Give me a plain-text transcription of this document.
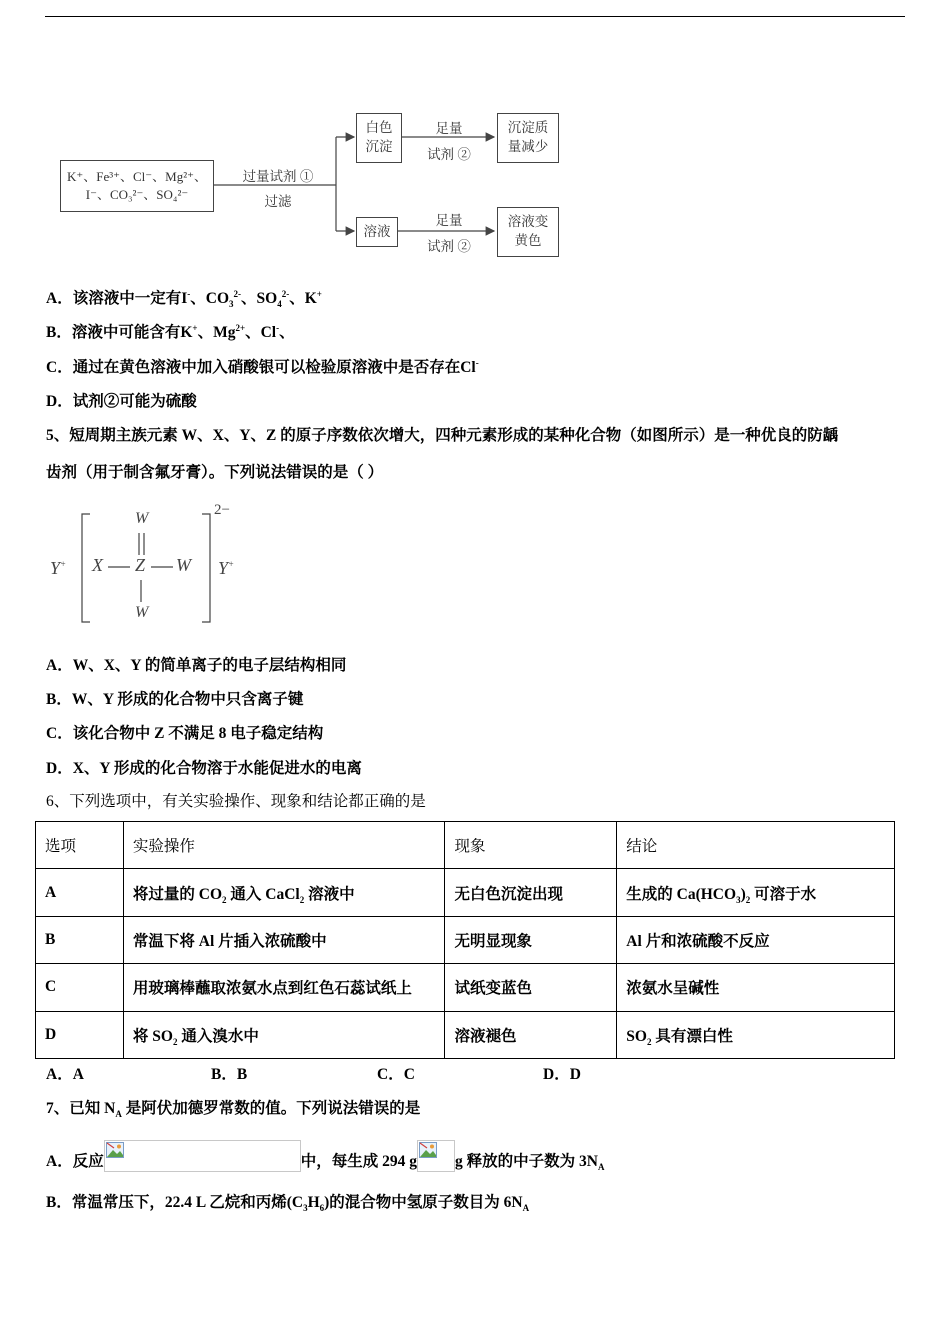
K⁺、Fe³⁺、Cl⁻、Mg²⁺、
I⁻、CO₃²⁻、SO₄²⁻
过量试剂 ①
过滤
白色
沉淀
溶液
足量
试剂 ②
足量
试剂 ②
沉淀质
量减少
溶液变
黄色
A．该溶液中一定有I-、$CO_3^{2-}$、$SO_4^{2-}$、K+
B．溶液中可能含有K+、$Mg^{2+}$、Cl-、
C．通过在黄色溶液中加入硝酸银可以检验原溶液中是否存在Cl-
D．试剂②可能为硫酸
5、短周期主族元素 W、X、Y、Z 的原子序数依次增大，四种元素形成的某种化合物（如图所示）是一种优良的防龋
齿剂（用于制含氟牙膏）。下列说法错误的是（ ）
Y+
W
X Z W
W
2−
Y+
A．W、X、Y 的简单离子的电子层结构相同
B．W、Y 形成的化合物中只含离子键
C．该化合物中 Z 不满足 8 电子稳定结构
D．X、Y 形成的化合物溶于水能促进水的电离
6、下列选项中，有关实验操作、现象和结论都正确的是
选项	实验操作	现象	结论
A	将过量的 $CO_2$ 通入 CaCl$_2$ 溶液中	无白色沉淀出现	生成的 $Ca(HCO_3)_2$ 可溶于水
B	常温下将 Al 片插入浓硫酸中	无明显现象	Al 片和浓硫酸不反应
C	用玻璃棒蘸取浓氨水点到红色石蕊试纸上	试纸变蓝色	浓氨水呈碱性
D	将 $SO_2$ 通入溴水中	溶液褪色	$SO_2$ 具有漂白性
A．A	B．B	C．C	D．D
7、已知 $N_A$ 是阿伏加德罗常数的值。下列说法错误的是
A．反应	中，每生成 294 g g 释放的中子数为 $3N_A$
B．常温常压下，22.4 L 乙烷和丙烯$(C_3H_6)$的混合物中氢原子数目为 $6N_A$
